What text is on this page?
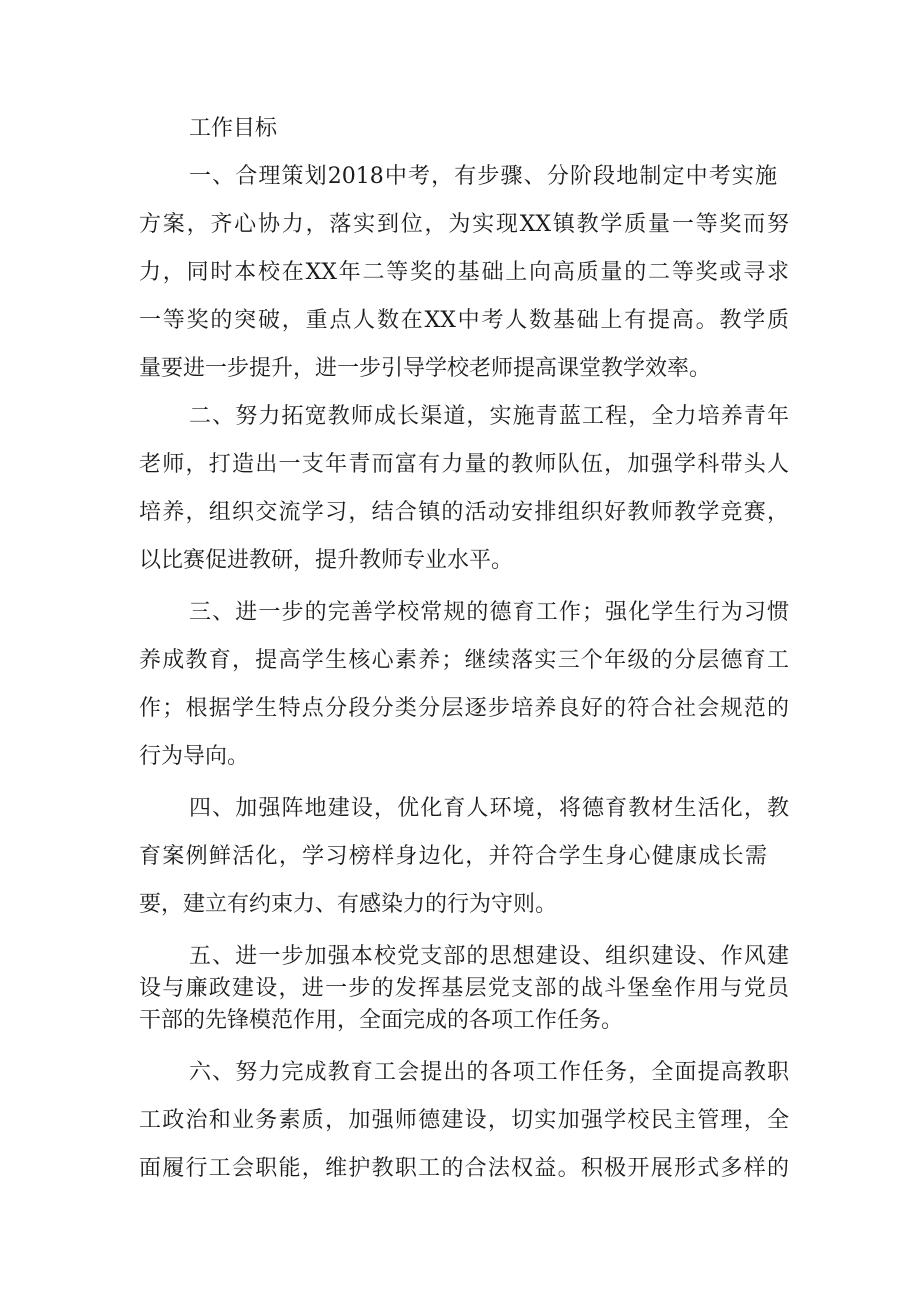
工作目标

一、合理策划2018中考，有步骤、分阶段地制定中考实施

方案，齐心协力，落实到位，为实现XX镇教学质量一等奖而努

力，同时本校在XX年二等奖的基础上向高质量的二等奖或寻求

一等奖的突破，重点人数在XX中考人数基础上有提高。教学质

量要进一步提升，进一步引导学校老师提高课堂教学效率。

二、努力拓宽教师成长渠道，实施青蓝工程，全力培养青年

老师，打造出一支年青而富有力量的教师队伍，加强学科带头人

培养，组织交流学习，结合镇的活动安排组织好教师教学竞赛，

以比赛促进教研，提升教师专业水平。

三、进一步的完善学校常规的德育工作；强化学生行为习惯

养成教育，提高学生核心素养；继续落实三个年级的分层德育工

作；根据学生特点分段分类分层逐步培养良好的符合社会规范的

行为导向。

四、加强阵地建设，优化育人环境，将德育教材生活化，教

育案例鲜活化，学习榜样身边化，并符合学生身心健康成长需

要，建立有约束力、有感染力的行为守则。

五、进一步加强本校党支部的思想建设、组织建设、作风建

设与廉政建设，进一步的发挥基层党支部的战斗堡垒作用与党员

干部的先锋模范作用，全面完成的各项工作任务。

六、努力完成教育工会提出的各项工作任务，全面提高教职

工政治和业务素质，加强师德建设，切实加强学校民主管理，全

面履行工会职能，维护教职工的合法权益。积极开展形式多样的
